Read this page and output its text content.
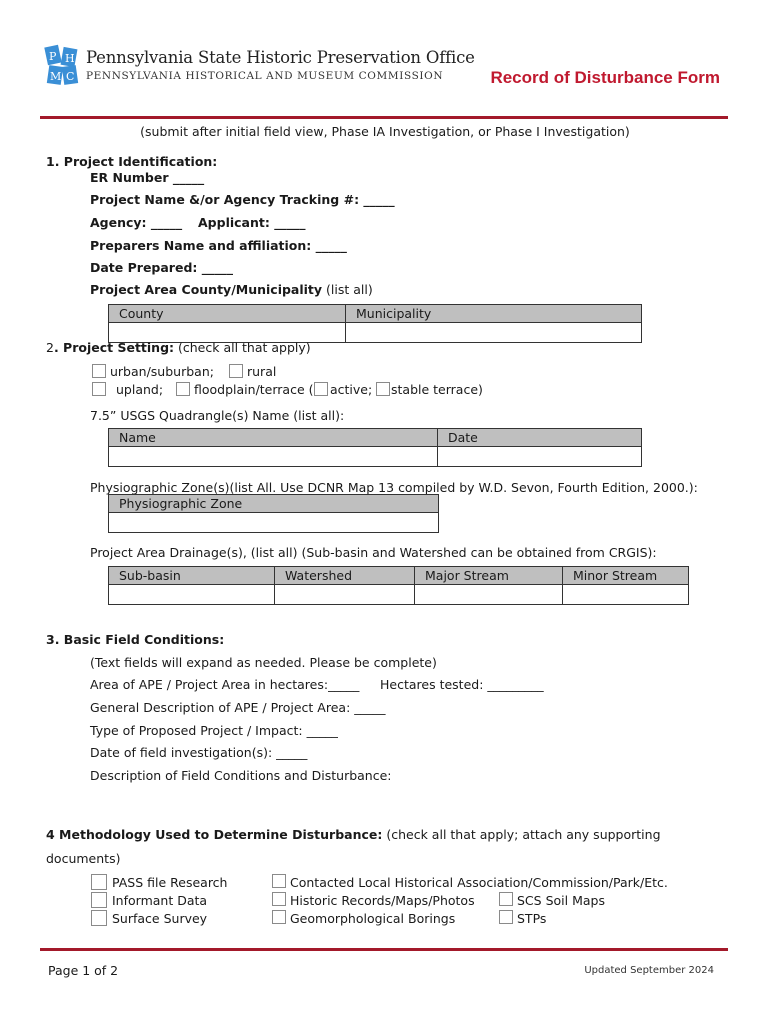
P H
M C
Pennsylvania State Historic Preservation Office
PENNSYLVANIA HISTORICAL AND MUSEUM COMMISSION	Record of Disturbance Form
(submit after initial field view, Phase IA Investigation, or Phase I Investigation)
1. Project Identification:
ER Number _____
Project Name &/or Agency Tracking #: _____
Agency: _____ Applicant: _____
Preparers Name and affiliation: _____
Date Prepared: _____
Project Area County/Municipality (list all)
County	Municipality

2. Project Setting: (check all that apply)
urban/suburban;	rural
upland; floodplain/terrace ( active; stable terrace)
7.5” USGS Quadrangle(s) Name (list all):
Name	Date

Physiographic Zone(s)(list All. Use DCNR Map 13 compiled by W.D. Sevon, Fourth Edition, 2000.):
Physiographic Zone

Project Area Drainage(s), (list all) (Sub-basin and Watershed can be obtained from CRGIS):
Sub-basin	Watershed	Major Stream	Minor Stream

3. Basic Field Conditions:
(Text fields will expand as needed. Please be complete)
Area of APE / Project Area in hectares:_____ Hectares tested: _________
General Description of APE / Project Area: _____
Type of Proposed Project / Impact: _____
Date of field investigation(s): _____
Description of Field Conditions and Disturbance:
4 Methodology Used to Determine Disturbance: (check all that apply; attach any supporting
documents)
PASS file Research
Informant Data
Surface Survey
Contacted Local Historical Association/Commission/Park/Etc.
Historic Records/Maps/Photos
Geomorphological Borings
SCS Soil Maps
STPs
Page 1 of 2	Updated September 2024
